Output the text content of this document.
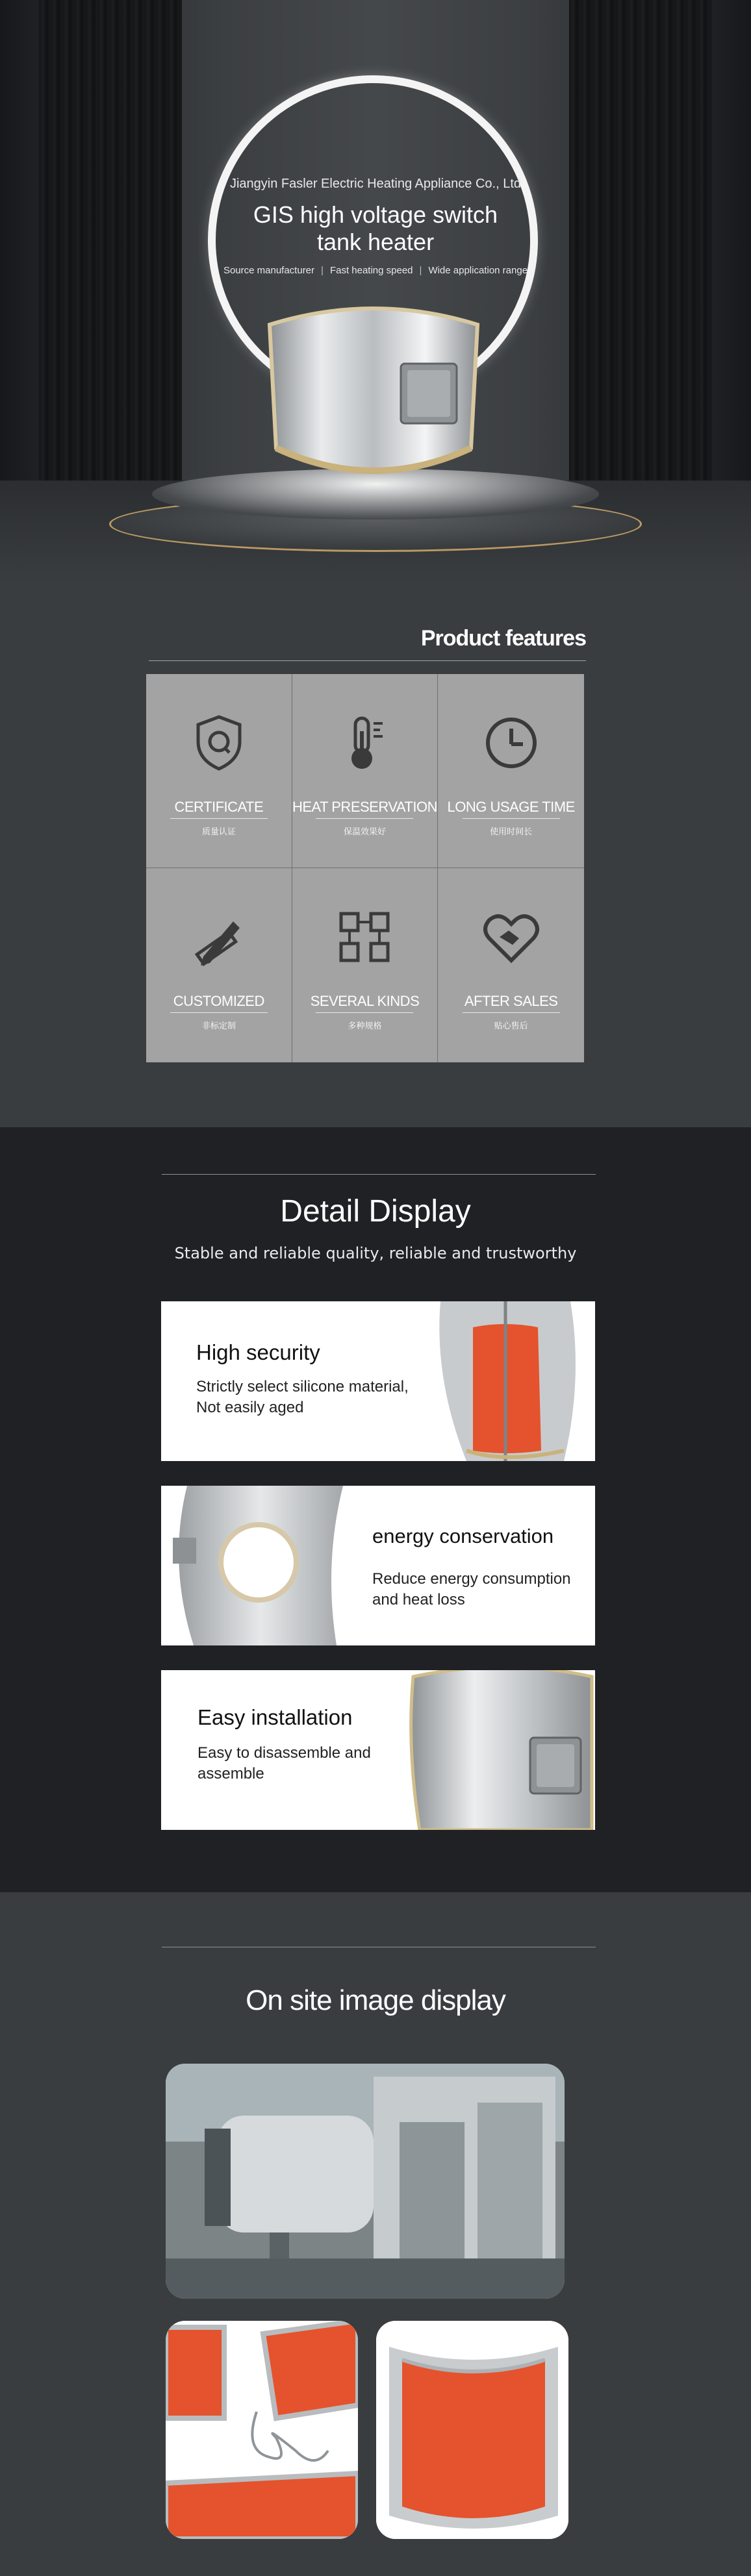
Jiangyin Fasler Electric Heating Appliance Co., Ltd
GIS high voltage switch
tank heater
Source manufacturer | Fast heating speed | Wide application range
Product features
CERTIFICATE
质量认证
HEAT PRESERVATION
保温效果好
LONG USAGE TIME
使用时间长
CUSTOMIZED
非标定制
SEVERAL KINDS
多种规格
AFTER SALES
贴心售后
Detail Display
Stable and reliable quality, reliable and trustworthy
High security
Strictly select silicone material,
Not easily aged
energy conservation
Reduce energy consumption
and heat loss
Easy installation
Easy to disassemble and
assemble
On site image display
